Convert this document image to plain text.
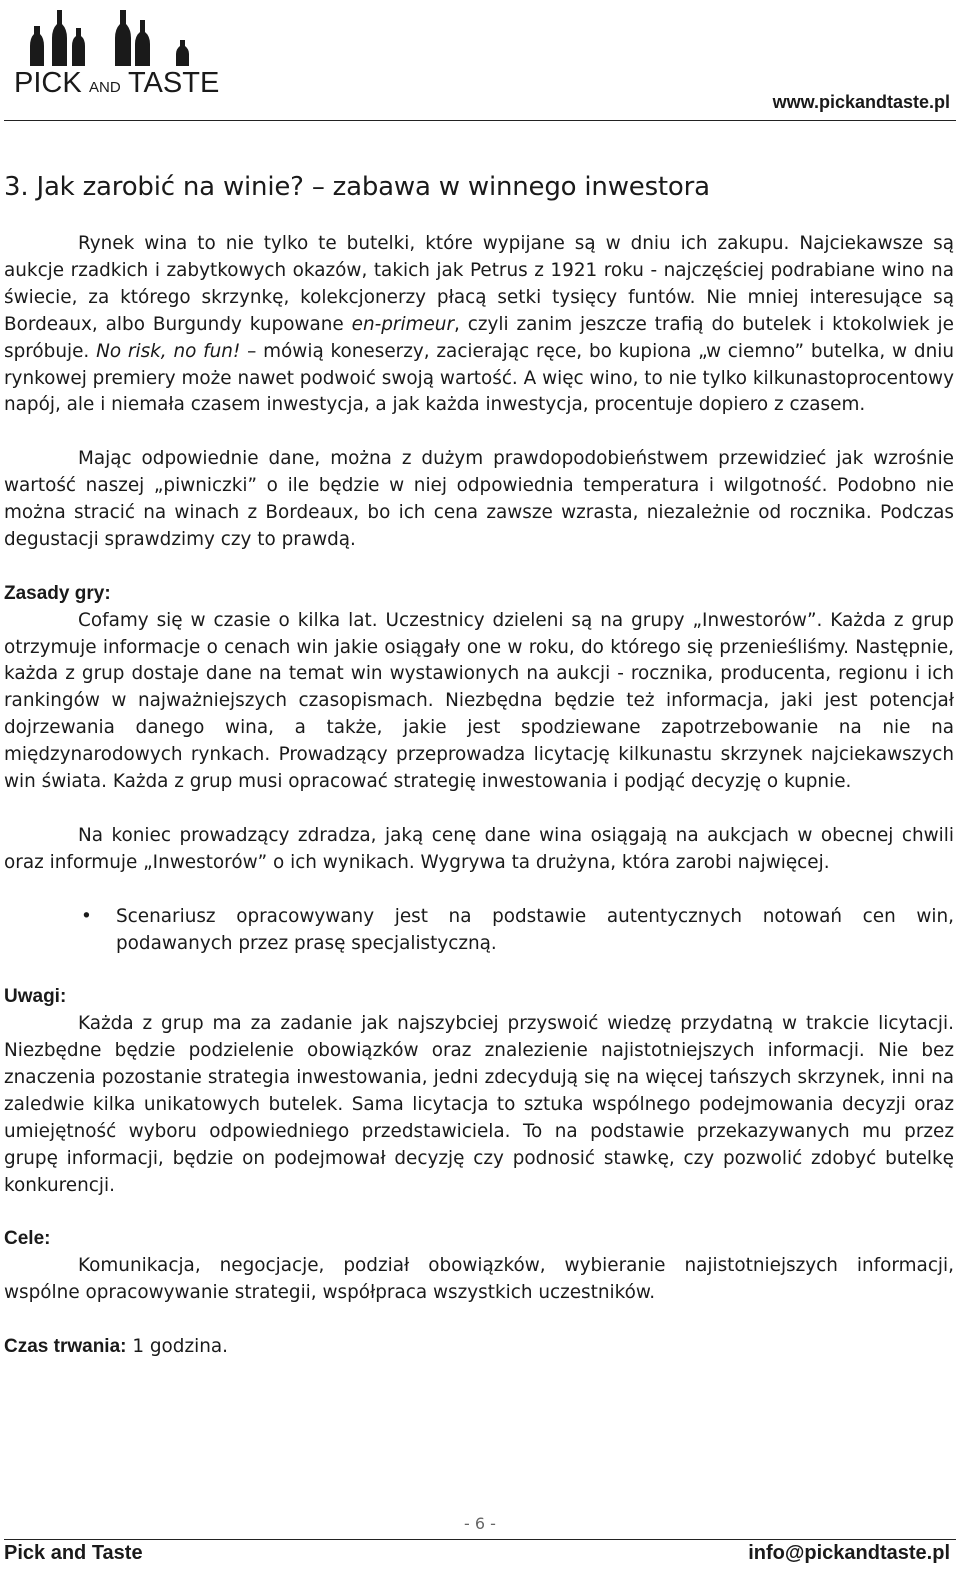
PICK AND TASTE
www.pickandtaste.pl
3. Jak zarobić na winie? – zabawa w winnego inwestora

Rynek wina to nie tylko te butelki, które wypijane są w dniu ich zakupu. Najciekawsze są aukcje rzadkich i zabytkowych okazów, takich jak Petrus z 1921 roku - najczęściej podrabiane wino na świecie, za którego skrzynkę, kolekcjonerzy płacą setki tysięcy funtów. Nie mniej interesujące są Bordeaux, albo Burgundy kupowane en-primeur, czyli zanim jeszcze trafią do butelek i ktokolwiek je spróbuje. No risk, no fun! – mówią koneserzy, zacierając ręce, bo kupiona „w ciemno” butelka, w dniu rynkowej premiery może nawet podwoić swoją wartość. A więc wino, to nie tylko kilkunastoprocentowy napój, ale i niemała czasem inwestycja, a jak każda inwestycja, procentuje dopiero z czasem.

Mając odpowiednie dane, można z dużym prawdopodobieństwem przewidzieć jak wzrośnie wartość naszej „piwniczki” o ile będzie w niej odpowiednia temperatura i wilgotność. Podobno nie można stracić na winach z Bordeaux, bo ich cena zawsze wzrasta, niezależnie od rocznika. Podczas degustacji sprawdzimy czy to prawdą.

Zasady gry:

Cofamy się w czasie o kilka lat. Uczestnicy dzieleni są na grupy „Inwestorów”. Każda z grup otrzymuje informacje o cenach win jakie osiągały one w roku, do którego się przenieśliśmy. Następnie, każda z grup dostaje dane na temat win wystawionych na aukcji - rocznika, producenta, regionu i ich rankingów w najważniejszych czasopismach. Niezbędna będzie też informacja, jaki jest potencjał dojrzewania danego wina, a także, jakie jest spodziewane zapotrzebowanie na nie na międzynarodowych rynkach. Prowadzący przeprowadza licytację kilkunastu skrzynek najciekawszych win świata. Każda z grup musi opracować strategię inwestowania i podjąć decyzję o kupnie.

Na koniec prowadzący zdradza, jaką cenę dane wina osiągają na aukcjach w obecnej chwili oraz informuje „Inwestorów” o ich wynikach. Wygrywa ta drużyna, która zarobi najwięcej.

• Scenariusz opracowywany jest na podstawie autentycznych notowań cen win, podawanych przez prasę specjalistyczną.
Uwagi:

Każda z grup ma za zadanie jak najszybciej przyswoić wiedzę przydatną w trakcie licytacji. Niezbędne będzie podzielenie obowiązków oraz znalezienie najistotniejszych informacji. Nie bez znaczenia pozostanie strategia inwestowania, jedni zdecydują się na więcej tańszych skrzynek, inni na zaledwie kilka unikatowych butelek. Sama licytacja to sztuka wspólnego podejmowania decyzji oraz umiejętność wyboru odpowiedniego przedstawiciela. To na podstawie przekazywanych mu przez grupę informacji, będzie on podejmował decyzję czy podnosić stawkę, czy pozwolić zdobyć butelkę konkurencji.

Cele:

Komunikacja, negocjacje, podział obowiązków, wybieranie najistotniejszych informacji, wspólne opracowywanie strategii, współpraca wszystkich uczestników.

Czas trwania: 1 godzina.

- 6 -
Pick and Taste	info@pickandtaste.pl
